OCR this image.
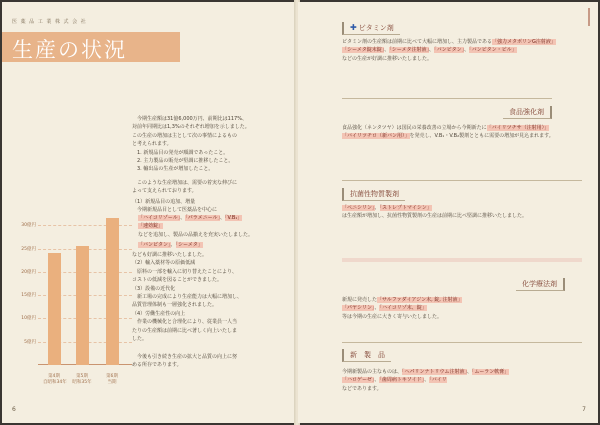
医 薬 品 工 業 株 式 会 社
生産の状況
　今期生産額は31億6,000万円、前期比は117%、
対前年同期比は1,3%のそれぞれ増加を示しました。
この生産の増加は主として次の事情によるもの
と考えられます。
　1. 新規品目の発売が順調であったこと。
　2. 主力製品の販売が堅調に推移したこと。
　3. 輸出品の生産が増加したこと。
　このような生産増加は、需要の着実な伸びに
よって支えられております。
（1）新規品目の追加、増量
　今期新規品目として医薬品を中心に
「ハイコリゾール」、「パラメニール」、「V.B₁」
「速効錠」
などを追加し、製品の品揃えを充実いたしました。
「バンビタン」、「シーメタ」
なども好調に推移いたしました。
（2）輸入薬材等の原価低減
　原料の一部を輸入に切り替えたことにより、
コストの低減を図ることができました。
（3）設備の近代化
　新工場の完成により生産能力は大幅に増加し、
品質管理体制も一層強化されました。
（4）労働生産性の向上
　作業の機械化と合理化により、従業員一人当
たりの生産額は前期に比べ著しく向上いたしま
した。
　今後も引き続き生産の拡大と品質の向上に努
める所存であります。
30億円
25億円
20億円
15億円
10億円
5億円
第4期
自昭和34年
第5期
昭和35年
第6期
当期
6
✚ ビタミン剤
ビタミン剤の生産額は前期に比べて大幅に増加し、主力製品である「強力メタボリンG注射液」
「シーメタ錠末錠」、「シーメタ注射液」、「バンビタン」、「バンビタン・ビル」
などの生産が好調に推移いたしました。
食品強化剤
食品強化（ネンタツヤ）は国民の栄養改善の立場から今期新たに「バイリツチサ（注射用）」
「バイリツチロ（新バン用）」を発売し、V.B₁・V.B₂製剤とともに需要の増加が見込まれます。
抗菌性物質製剤
「ペニシリン」、「ストレプトマイシン」
は生産額が増加し、抗菌性物質製剤の生産は前期に比べ堅調に推移いたしました。
化学療法剤
新規に発売した「サルファダイアジン末, 錠, 注射液」
「パヤシリン」、「ハイコリゾ末、錠」
等は今期の生産に大きく寄与いたしました。
新　製　品
今期新製品の主なものは、「ヘパリンナトリウム注射液」、「ムーラン軟膏」
「ハロゲーゼ」、「歯周病トキソイド」、「バイリ
などであります。
7
